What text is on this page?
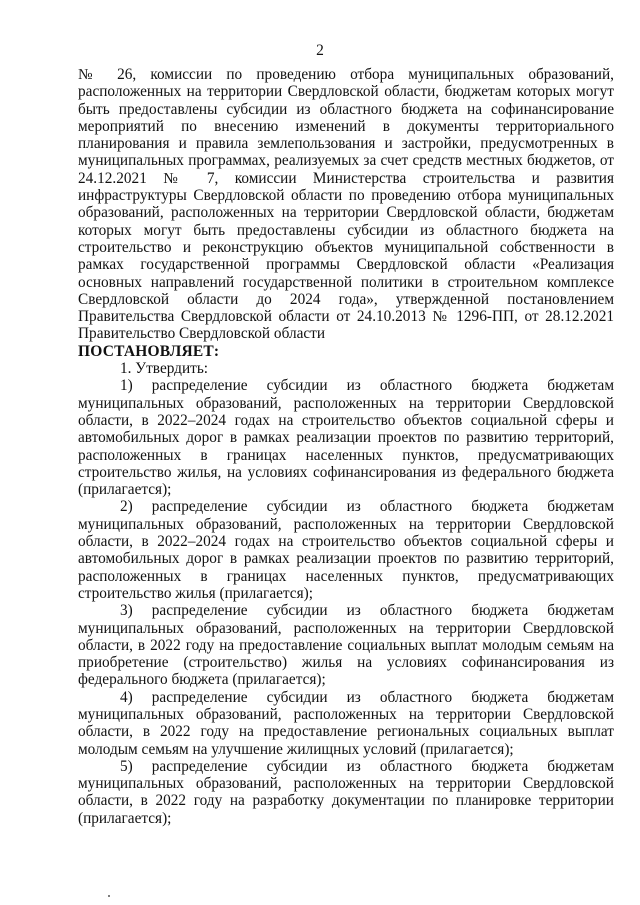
2

№ 26, комиссии по проведению отбора муниципальных образований, расположенных на территории Свердловской области, бюджетам которых могут быть предоставлены субсидии из областного бюджета на софинансирование мероприятий по внесению изменений в документы территориального планирования и правила землепользования и застройки, предусмотренных в муниципальных программах, реализуемых за счет средств местных бюджетов, от 24.12.2021 № 7, комиссии Министерства строительства и развития инфраструктуры Свердловской области по проведению отбора муниципальных образований, расположенных на территории Свердловской области, бюджетам которых могут быть предоставлены субсидии из областного бюджета на строительство и реконструкцию объектов муниципальной собственности в рамках государственной программы Свердловской области «Реализация основных направлений государственной политики в строительном комплексе Свердловской области до 2024 года», утвержденной постановлением Правительства Свердловской области от 24.10.2013 № 1296-ПП, от 28.12.2021 Правительство Свердловской области

ПОСТАНОВЛЯЕТ:

1. Утвердить:

1) распределение субсидии из областного бюджета бюджетам муниципальных образований, расположенных на территории Свердловской области, в 2022–2024 годах на строительство объектов социальной сферы и автомобильных дорог в рамках реализации проектов по развитию территорий, расположенных в границах населенных пунктов, предусматривающих строительство жилья, на условиях софинансирования из федерального бюджета (прилагается);

2) распределение субсидии из областного бюджета бюджетам муниципальных образований, расположенных на территории Свердловской области, в 2022–2024 годах на строительство объектов социальной сферы и автомобильных дорог в рамках реализации проектов по развитию территорий, расположенных в границах населенных пунктов, предусматривающих строительство жилья (прилагается);

3) распределение субсидии из областного бюджета бюджетам муниципальных образований, расположенных на территории Свердловской области, в 2022 году на предоставление социальных выплат молодым семьям на приобретение (строительство) жилья на условиях софинансирования из федерального бюджета (прилагается);

4) распределение субсидии из областного бюджета бюджетам муниципальных образований, расположенных на территории Свердловской области, в 2022 году на предоставление региональных социальных выплат молодым семьям на улучшение жилищных условий (прилагается);

5) распределение субсидии из областного бюджета бюджетам муниципальных образований, расположенных на территории Свердловской области, в 2022 году на разработку документации по планировке территории (прилагается);
